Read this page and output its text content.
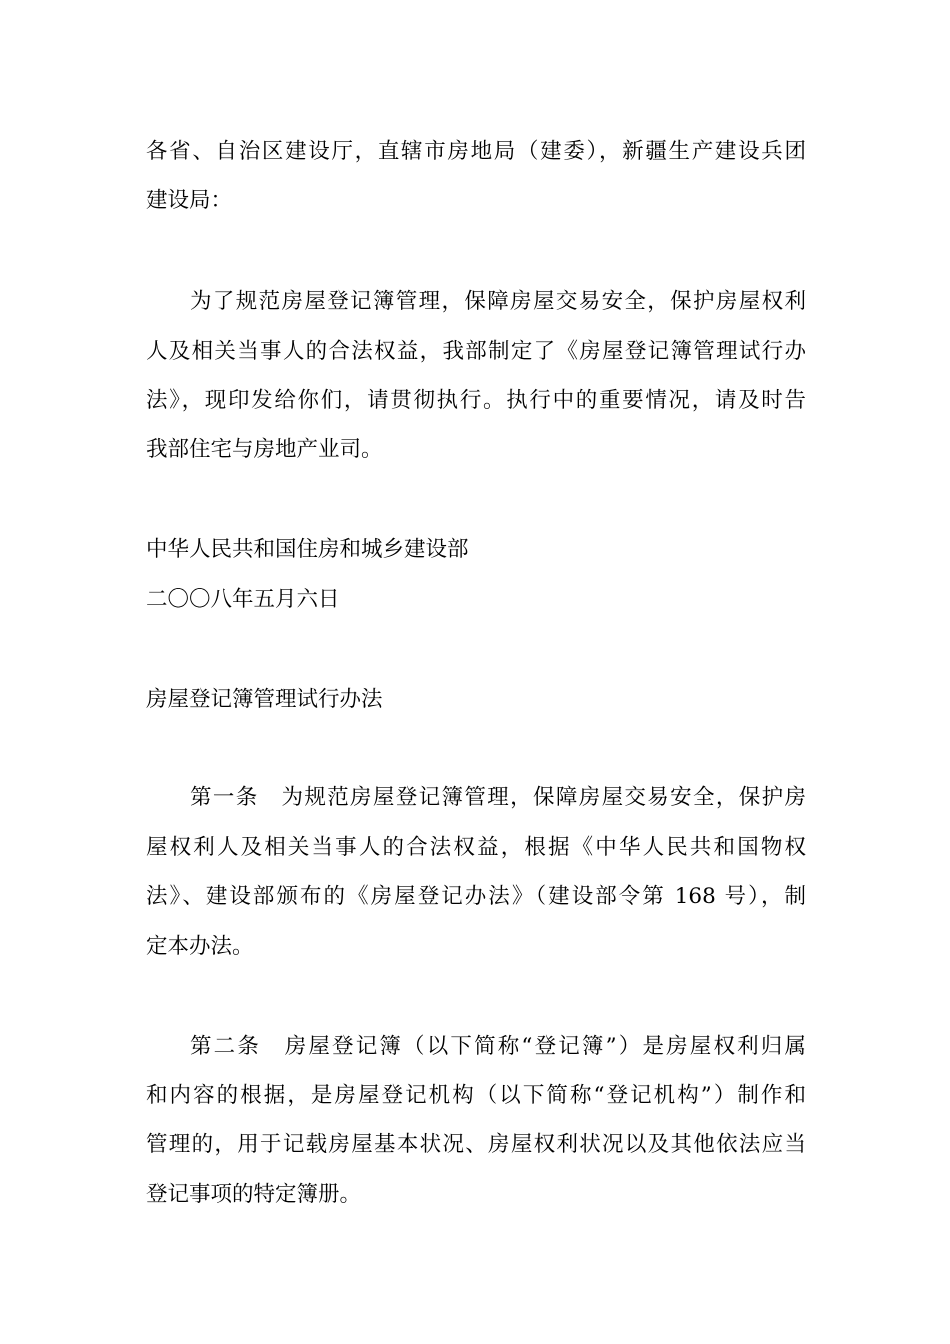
各省、自治区建设厅，直辖市房地局（建委），新疆生产建设兵团
建设局：
为了规范房屋登记簿管理，保障房屋交易安全，保护房屋权利
人及相关当事人的合法权益，我部制定了《房屋登记簿管理试行办
法》，现印发给你们，请贯彻执行。执行中的重要情况，请及时告
我部住宅与房地产业司。
中华人民共和国住房和城乡建设部
二〇〇八年五月六日
房屋登记簿管理试行办法
第一条　为规范房屋登记簿管理，保障房屋交易安全，保护房
屋权利人及相关当事人的合法权益，根据《中华人民共和国物权
法》、建设部颁布的《房屋登记办法》（建设部令第 168 号），制
定本办法。
第二条　房屋登记簿（以下简称“登记簿”）是房屋权利归属
和内容的根据，是房屋登记机构（以下简称“登记机构”）制作和
管理的，用于记载房屋基本状况、房屋权利状况以及其他依法应当
登记事项的特定簿册。
